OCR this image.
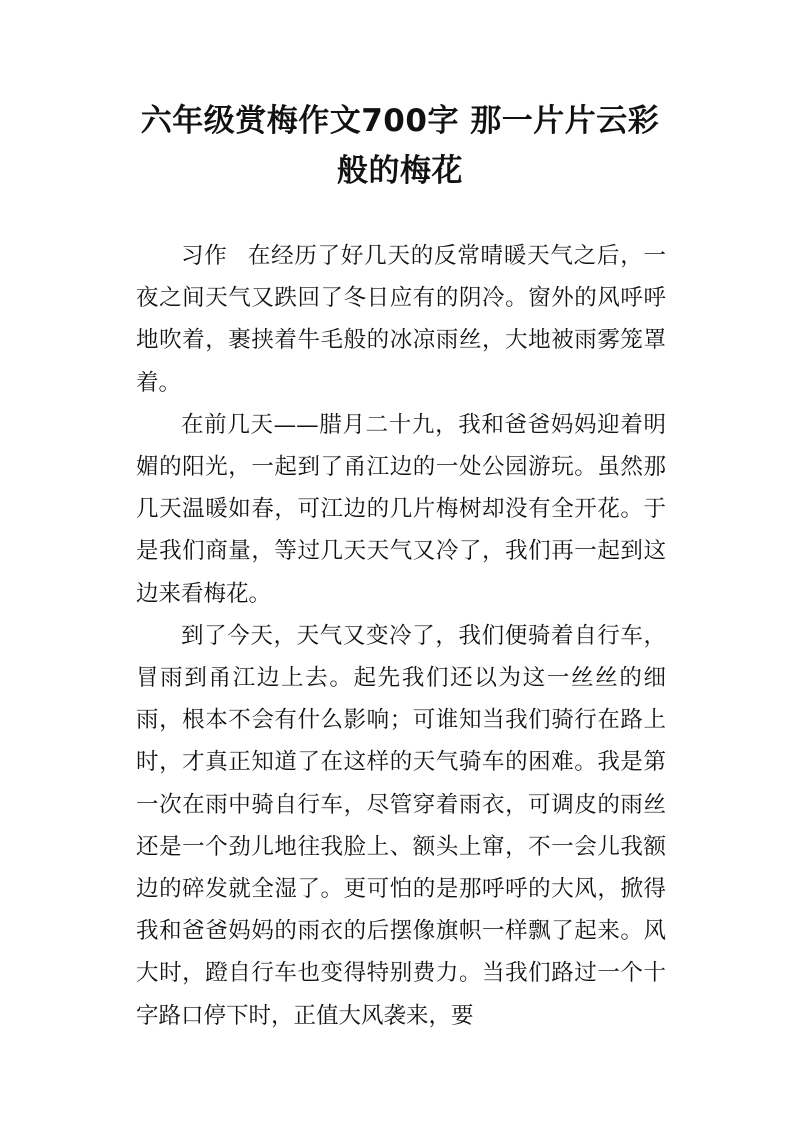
六年级赏梅作文700字 那一片片云彩
般的梅花

习作 在经历了好几天的反常晴暖天气之后，一夜之间天气又跌回了冬日应有的阴冷。窗外的风呼呼地吹着，裹挟着牛毛般的冰凉雨丝，大地被雨雾笼罩着。

在前几天——腊月二十九，我和爸爸妈妈迎着明媚的阳光，一起到了甬江边的一处公园游玩。虽然那几天温暖如春，可江边的几片梅树却没有全开花。于是我们商量，等过几天天气又冷了，我们再一起到这边来看梅花。

到了今天，天气又变冷了，我们便骑着自行车，冒雨到甬江边上去。起先我们还以为这一丝丝的细雨，根本不会有什么影响；可谁知当我们骑行在路上时，才真正知道了在这样的天气骑车的困难。我是第一次在雨中骑自行车，尽管穿着雨衣，可调皮的雨丝还是一个劲儿地往我脸上、额头上窜，不一会儿我额边的碎发就全湿了。更可怕的是那呼呼的大风，掀得我和爸爸妈妈的雨衣的后摆像旗帜一样飘了起来。风大时，蹬自行车也变得特别费力。当我们路过一个十字路口停下时，正值大风袭来，要
